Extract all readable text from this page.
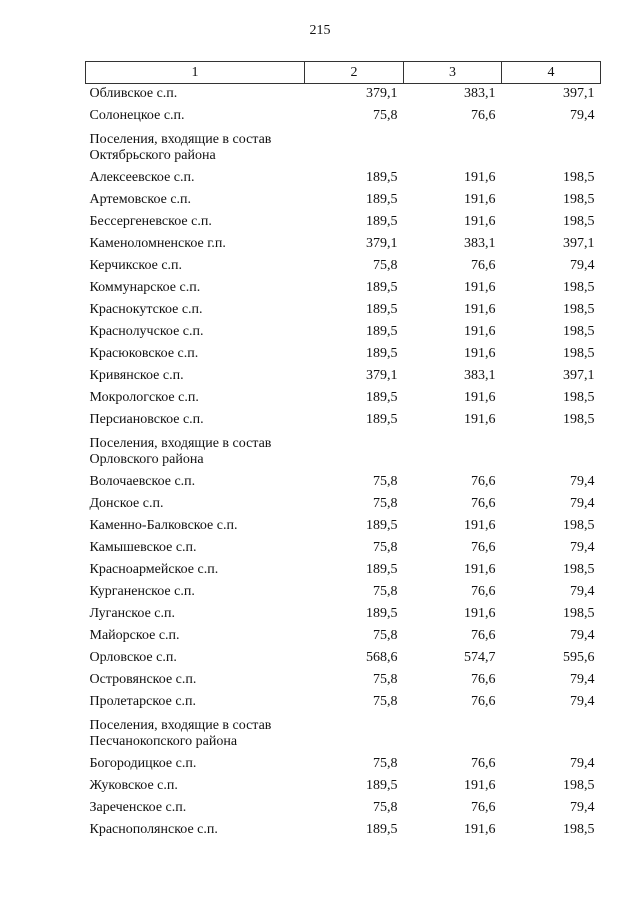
215
1	2	3	4
Обливское с.п.	379,1	383,1	397,1
Солонецкое с.п.	75,8	76,6	79,4
Поселения, входящие в состав Октябрьского района			
Алексеевское с.п.	189,5	191,6	198,5
Артемовское с.п.	189,5	191,6	198,5
Бессергеневское с.п.	189,5	191,6	198,5
Каменоломненское г.п.	379,1	383,1	397,1
Керчикское с.п.	75,8	76,6	79,4
Коммунарское с.п.	189,5	191,6	198,5
Краснокутское с.п.	189,5	191,6	198,5
Краснолучское с.п.	189,5	191,6	198,5
Красюковское с.п.	189,5	191,6	198,5
Кривянское с.п.	379,1	383,1	397,1
Мокрологское с.п.	189,5	191,6	198,5
Персиановское с.п.	189,5	191,6	198,5
Поселения, входящие в состав Орловского района			
Волочаевское с.п.	75,8	76,6	79,4
Донское с.п.	75,8	76,6	79,4
Каменно-Балковское с.п.	189,5	191,6	198,5
Камышевское с.п.	75,8	76,6	79,4
Красноармейское с.п.	189,5	191,6	198,5
Курганенское с.п.	75,8	76,6	79,4
Луганское с.п.	189,5	191,6	198,5
Майорское с.п.	75,8	76,6	79,4
Орловское с.п.	568,6	574,7	595,6
Островянское с.п.	75,8	76,6	79,4
Пролетарское с.п.	75,8	76,6	79,4
Поселения, входящие в состав Песчанокопского района			
Богородицкое с.п.	75,8	76,6	79,4
Жуковское с.п.	189,5	191,6	198,5
Зареченское с.п.	75,8	76,6	79,4
Краснополянское с.п.	189,5	191,6	198,5
